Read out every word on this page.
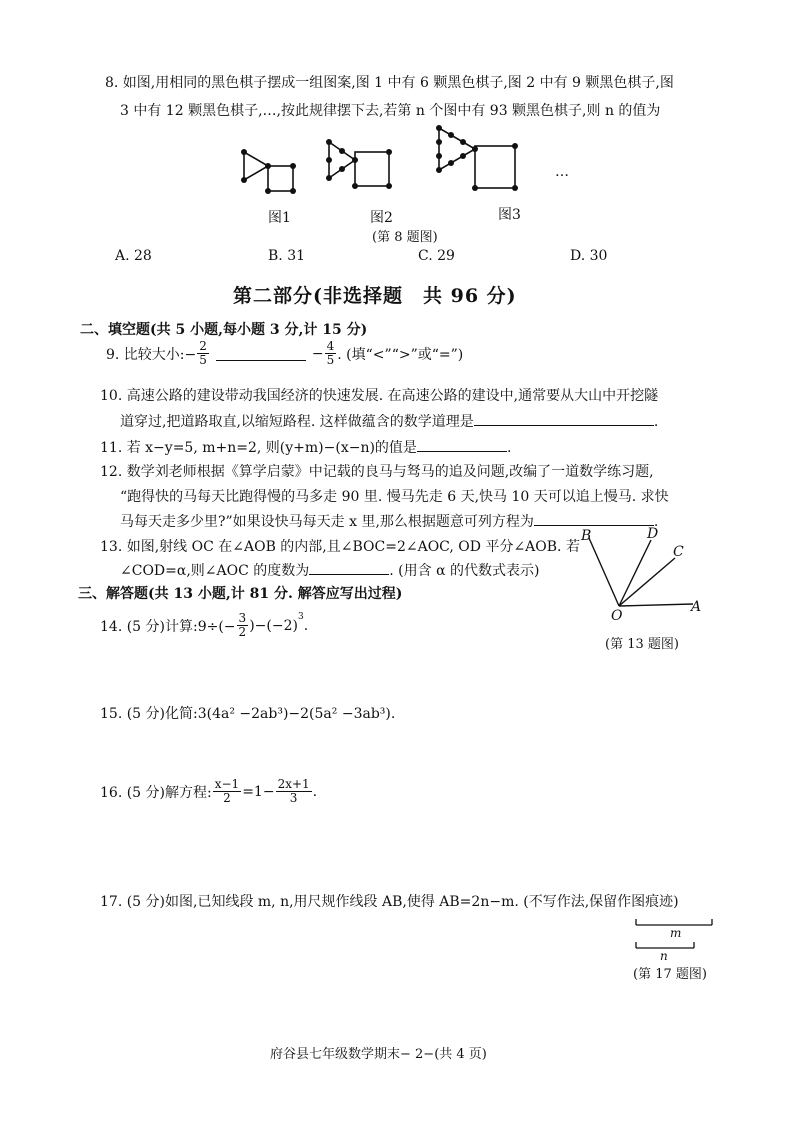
8. 如图,用相同的黑色棋子摆成一组图案,图 1 中有 6 颗黑色棋子,图 2 中有 9 颗黑色棋子,图
3 中有 12 颗黑色棋子,…,按此规律摆下去,若第 n 个图中有 93 颗黑色棋子,则 n 的值为
图1	图2	图3
…
(第 8 题图)
A. 28	B. 31	C. 29	D. 30
第二部分(非选择题　共 96 分)
二、填空题(共 5 小题,每小题 3 分,计 15 分)
9. 比较大小:− $\frac{2}{5}$	− $\frac{4}{5}$ . (填“<”“>”或“=”)
10. 高速公路的建设带动我国经济的快速发展. 在高速公路的建设中,通常要从大山中开挖隧
道穿过,把道路取直,以缩短路程. 这样做蕴含的数学道理是	.
11. 若 x−y=5, m+n=2, 则(y+m)−(x−n)的值是	.
12. 数学刘老师根据《算学启蒙》中记载的良马与驽马的追及问题,改编了一道数学练习题,
“跑得快的马每天比跑得慢的马多走 90 里. 慢马先走 6 天,快马 10 天可以追上慢马. 求快
马每天走多少里?”如果设快马每天走 x 里,那么根据题意可列方程为	.
13. 如图,射线 OC 在∠AOB 的内部,且∠BOC=2∠AOC, OD 平分∠AOB. 若
∠COD=α,则∠AOC 的度数为	. (用含 α 的代数式表示)
B	D
C
O
A
(第 13 题图)
三、解答题(共 13 小题,计 81 分. 解答应写出过程)
14. (5 分)计算:9÷(− $\frac{3}{2} )-(-2)$
$^3$
.
15. (5 分)化简:3(4a² −2ab³)−2(5a² −3ab³).
16. (5 分)解方程: $\frac{x-1}{2} =1- \frac{2x+1}{3}$ .
17. (5 分)如图,已知线段 m, n,用尺规作线段 AB,使得 AB=2n−m. (不写作法,保留作图痕迹)
m
n
(第 17 题图)
府谷县七年级数学期末− 2−(共 4 页)
